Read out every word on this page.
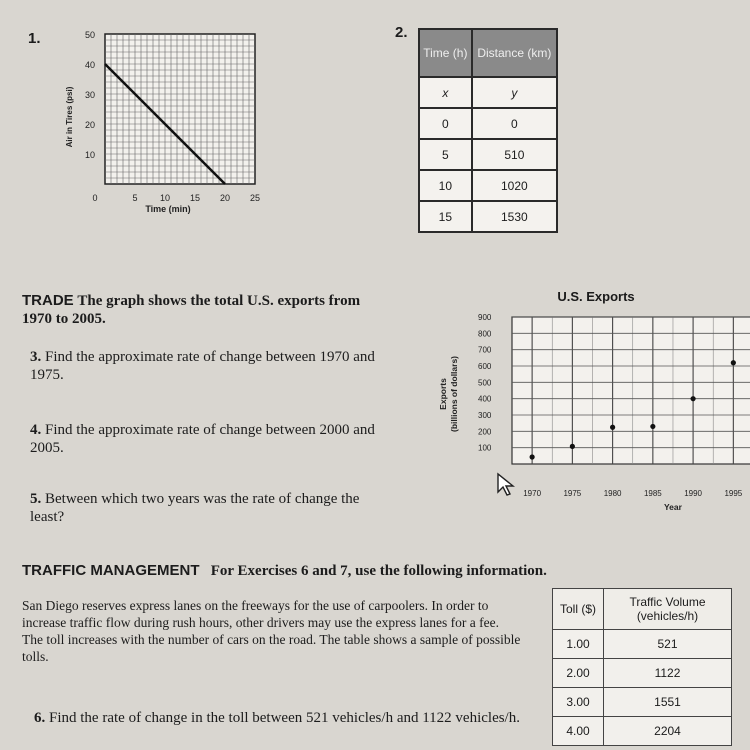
1.
10
20
30
40
50
0	5 10 15 20 25
Time (min)
Air in Tires (psi)
2.
Time (h)	Distance (km)
x	y
0	0
5	510
10	1020
15	1530
TRADE The graph shows the total U.S. exports from 1970 to 2005.
3. Find the approximate rate of change between 1970 and 1975.
4. Find the approximate rate of change between 2000 and 2005.
5. Between which two years was the rate of change the least?
U.S. Exports
100
200
300
400
500
600
700
800
900
1970	1975	1980	1985	1990	1995
Year
Exports (billions of dollars)
TRAFFIC MANAGEMENT For Exercises 6 and 7, use the following information.
San Diego reserves express lanes on the freeways for the use of carpoolers. In order to increase traffic flow during rush hours, other drivers may use the express lanes for a fee. The toll increases with the number of cars on the road. The table shows a sample of possible tolls.
6. Find the rate of change in the toll between 521 vehicles/h and 1122 vehicles/h.
Toll ($)	Traffic Volume (vehicles/h)
1.00	521
2.00	1122
3.00	1551
4.00	2204
